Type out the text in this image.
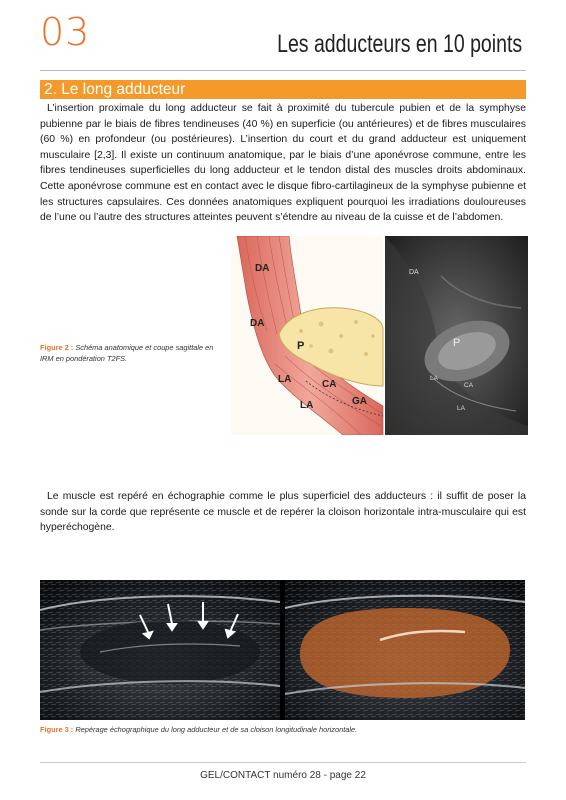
03	Les adducteurs en 10 points
2. Le long adducteur
L’insertion proximale du long adducteur se fait à proximité du tubercule pubien et de la symphyse pubienne par le biais de fibres tendineuses (40 %) en superficie (ou antérieures) et de fibres musculaires (60 %) en profondeur (ou postérieures). L’insertion du court et du grand adducteur est uniquement musculaire [2,3]. Il existe un continuum anatomique, par le biais d’une aponévrose commune, entre les fibres tendineuses superficielles du long adducteur et le tendon distal des muscles droits abdominaux. Cette aponévrose commune est en contact avec le disque fibro-cartilagineux de la symphyse pubienne et les structures capsulaires. Ces données anatomiques expliquent pourquoi les irradiations douloureuses de l’une ou l’autre des structures atteintes peuvent s’étendre au niveau de la cuisse et de l’abdomen.
Figure 2 : Schéma anatomique et coupe sagittale en IRM en pondération T2FS.
DA
DA
P
LA	CA
LA	GA
DA
P
LA
CA
LA
Le muscle est repéré en échographie comme le plus superficiel des adducteurs : il suffit de poser la sonde sur la corde que représente ce muscle et de repérer la cloison horizontale intra-musculaire qui est hyperéchogène.
Figure 3 : Repérage échographique du long adducteur et de sa cloison longitudinale horizontale.
GEL/CONTACT numéro 28 - page 22
